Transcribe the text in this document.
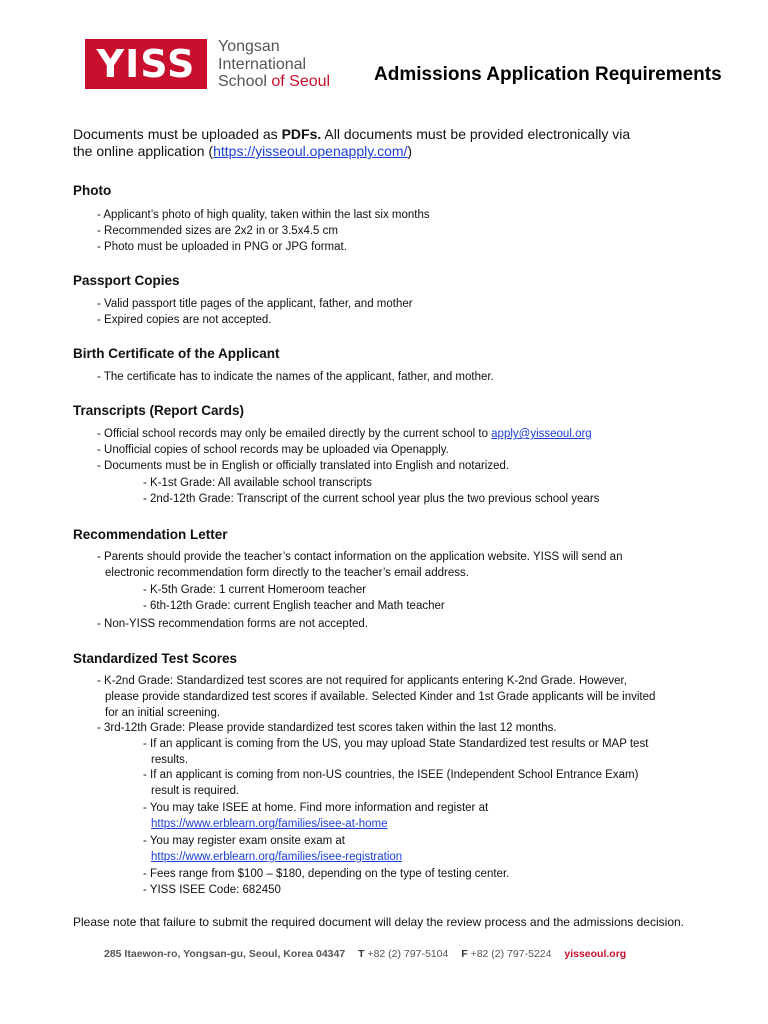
YISS	Yongsan
International
School of Seoul Admissions Application Requirements
Documents must be uploaded as PDFs. All documents must be provided electronically via
the online application (https://yisseoul.openapply.com/)
Photo
- Applicant’s photo of high quality, taken within the last six months
- Recommended sizes are 2x2 in or 3.5x4.5 cm
- Photo must be uploaded in PNG or JPG format.
Passport Copies
- Valid passport title pages of the applicant, father, and mother
- Expired copies are not accepted.
Birth Certificate of the Applicant
- The certificate has to indicate the names of the applicant, father, and mother.
Transcripts (Report Cards)
- Official school records may only be emailed directly by the current school to apply@yisseoul.org
- Unofficial copies of school records may be uploaded via Openapply.
- Documents must be in English or officially translated into English and notarized.
- K-1st Grade: All available school transcripts
- 2nd-12th Grade: Transcript of the current school year plus the two previous school years
Recommendation Letter
- Parents should provide the teacher’s contact information on the application website. YISS will send an
electronic recommendation form directly to the teacher’s email address.
- K-5th Grade: 1 current Homeroom teacher
- 6th-12th Grade: current English teacher and Math teacher
- Non-YISS recommendation forms are not accepted.
Standardized Test Scores
- K-2nd Grade: Standardized test scores are not required for applicants entering K-2nd Grade. However,
please provide standardized test scores if available. Selected Kinder and 1st Grade applicants will be invited
for an initial screening.
- 3rd-12th Grade: Please provide standardized test scores taken within the last 12 months.
- If an applicant is coming from the US, you may upload State Standardized test results or MAP test
results.
- If an applicant is coming from non-US countries, the ISEE (Independent School Entrance Exam)
result is required.
- You may take ISEE at home. Find more information and register at
https://www.erblearn.org/families/isee-at-home
- You may register exam onsite exam at
https://www.erblearn.org/families/isee-registration
- Fees range from $100 – $180, depending on the type of testing center.
- YISS ISEE Code: 682450
Please note that failure to submit the required document will delay the review process and the admissions decision.
285 Itaewon-ro, Yongsan-gu, Seoul, Korea 04347 T +82 (2) 797-5104 F +82 (2) 797-5224 yisseoul.org
